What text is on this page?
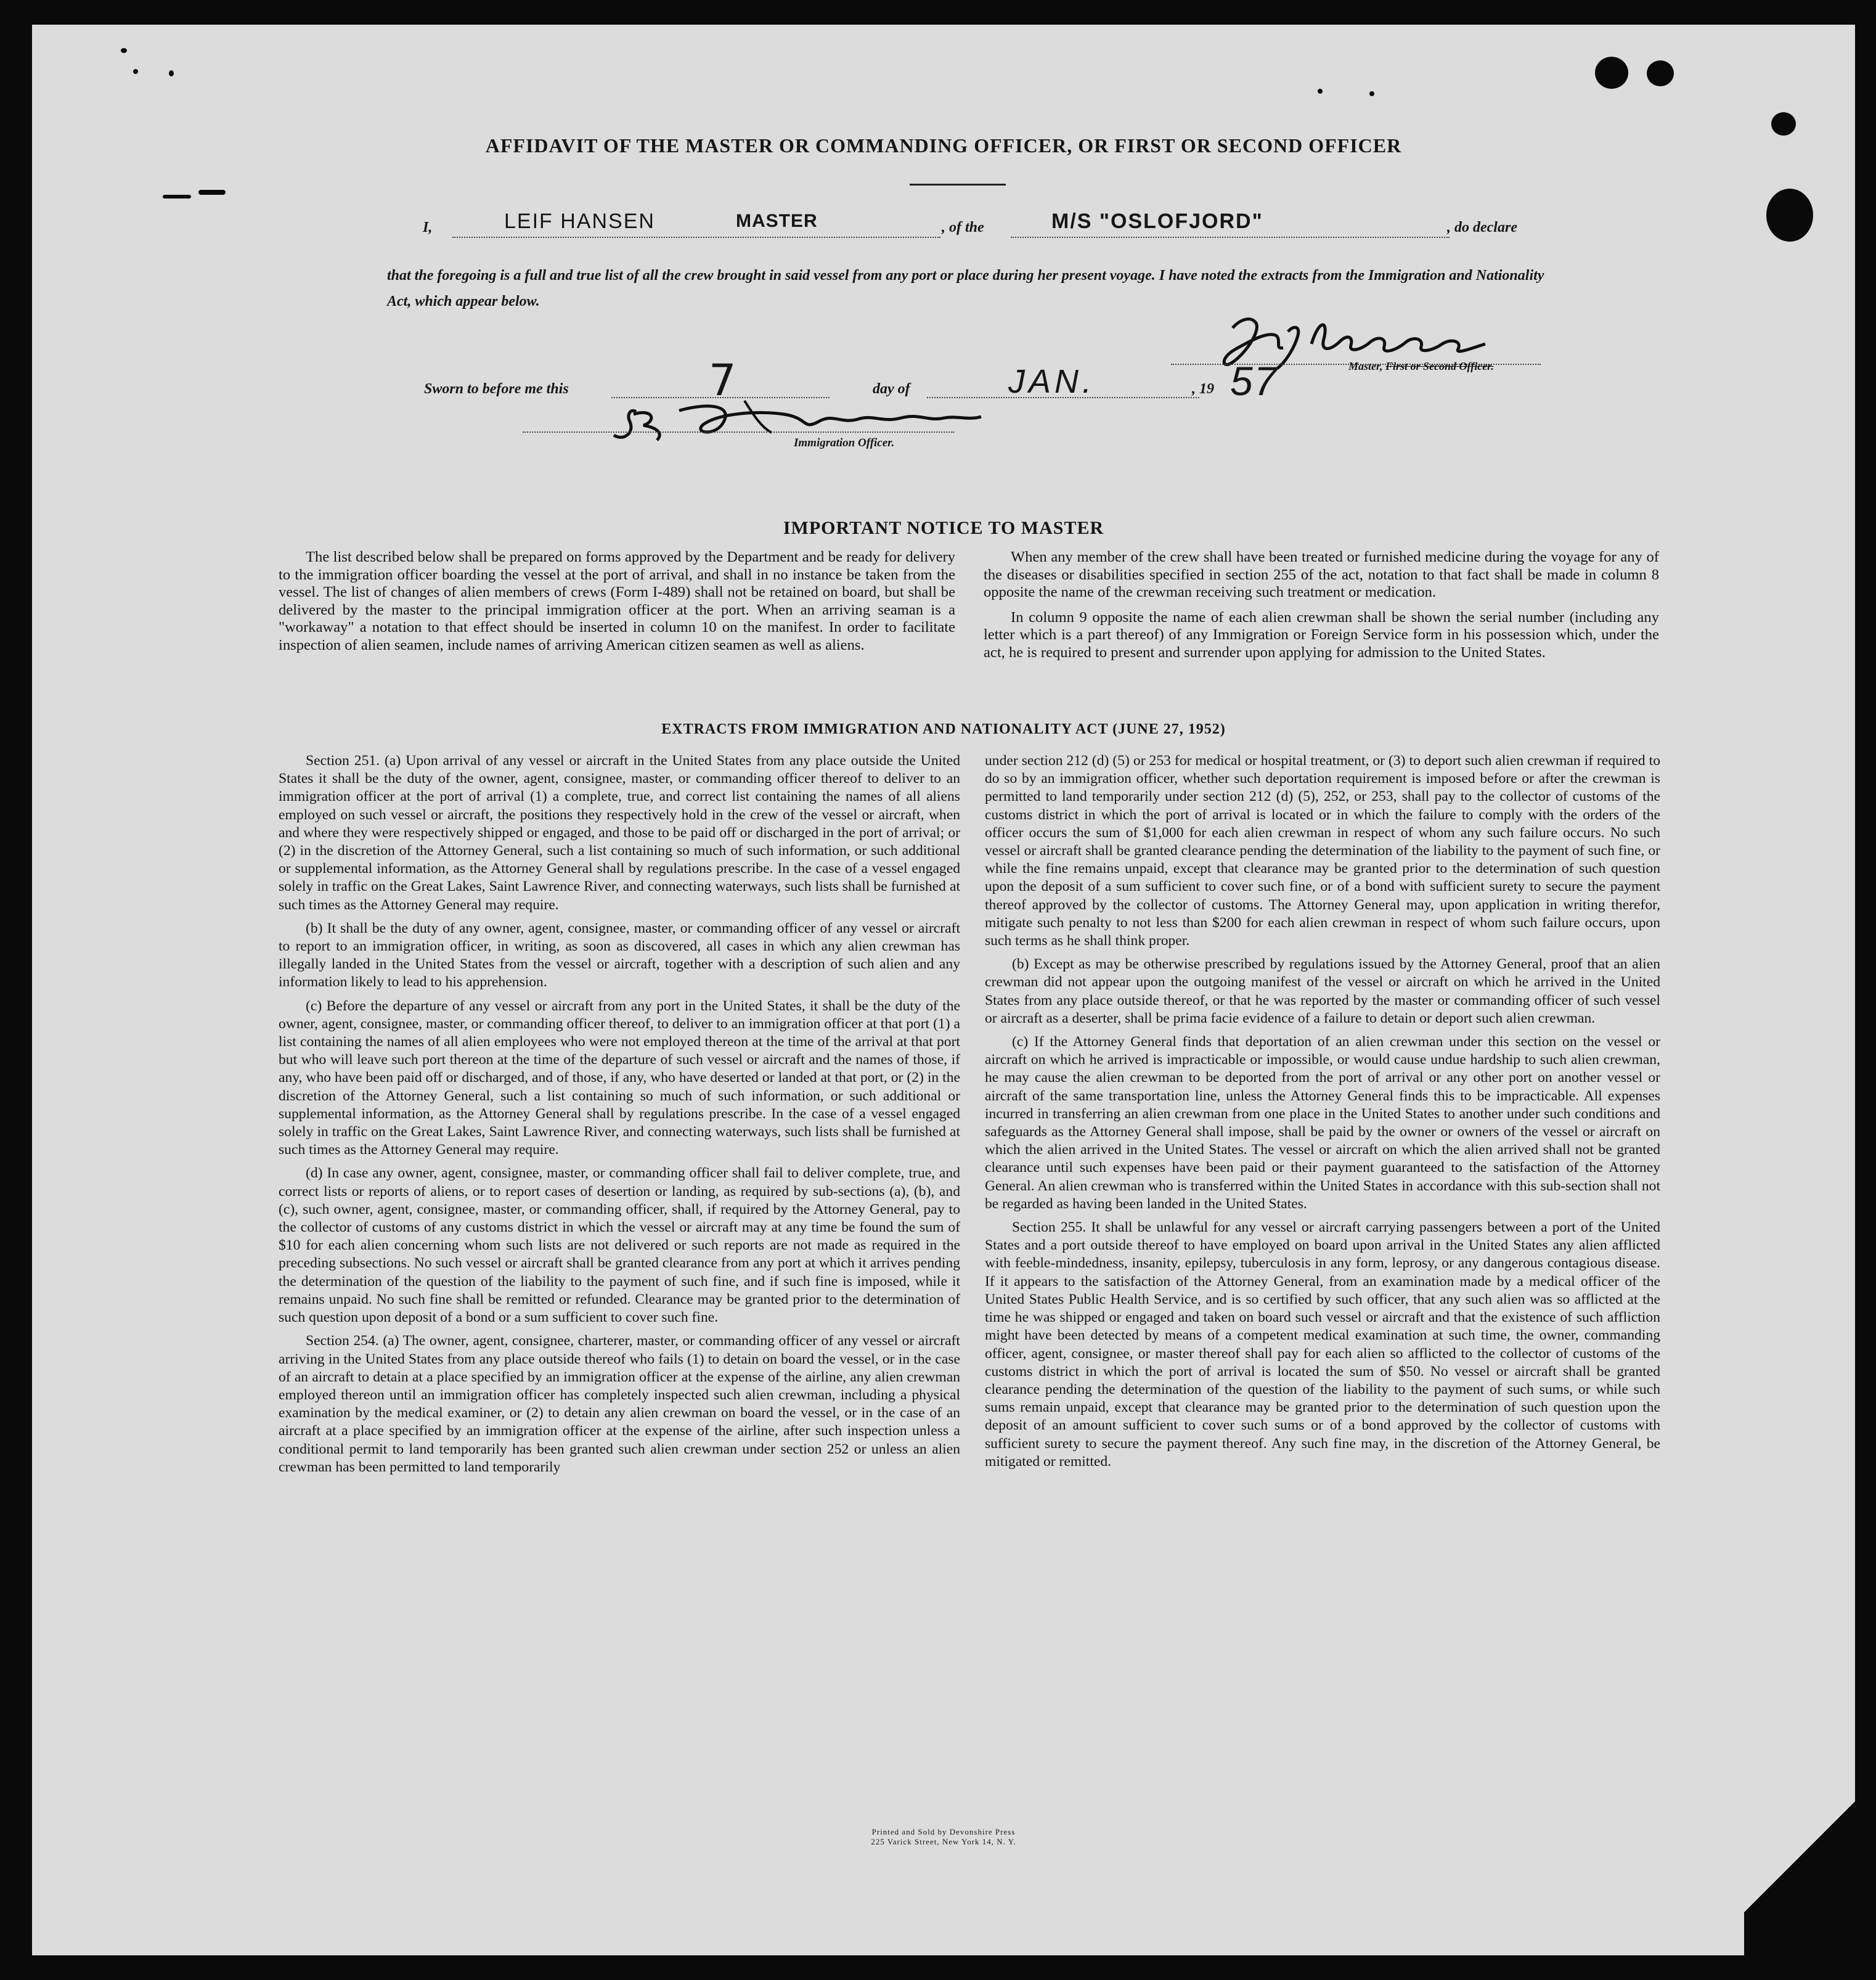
AFFIDAVIT OF THE MASTER OR COMMANDING OFFICER, OR FIRST OR SECOND OFFICER
I,	LEIF HANSEN	MASTER	, of the	M/S "OSLOFJORD"	, do declare
that the foregoing is a full and true list of all the crew brought in said vessel from any port or place during her present voyage. I have noted the extracts from the Immigration and Nationality Act, which appear below.
Master, First or Second Officer.
Sworn to before me this	7	day of	JAN.	, 19 57
Immigration Officer.
IMPORTANT NOTICE TO MASTER

The list described below shall be prepared on forms approved by the Department and be ready for delivery to the immigration officer boarding the vessel at the port of arrival, and shall in no instance be taken from the vessel. The list of changes of alien members of crews (Form I-489) shall not be retained on board, but shall be delivered by the master to the principal immigration officer at the port. When an arriving seaman is a "workaway" a notation to that effect should be inserted in column 10 on the manifest. In order to facilitate inspection of alien seamen, include names of arriving American citizen seamen as well as aliens.

When any member of the crew shall have been treated or furnished medicine during the voyage for any of the diseases or disabilities specified in section 255 of the act, notation to that fact shall be made in column 8 opposite the name of the crewman receiving such treatment or medication.

In column 9 opposite the name of each alien crewman shall be shown the serial number (including any letter which is a part thereof) of any Immigration or Foreign Service form in his possession which, under the act, he is required to present and surrender upon applying for admission to the United States.

EXTRACTS FROM IMMIGRATION AND NATIONALITY ACT (JUNE 27, 1952)

Section 251. (a) Upon arrival of any vessel or aircraft in the United States from any place outside the United States it shall be the duty of the owner, agent, consignee, master, or commanding officer thereof to deliver to an immigration officer at the port of arrival (1) a complete, true, and correct list containing the names of all aliens employed on such vessel or aircraft, the positions they respectively hold in the crew of the vessel or aircraft, when and where they were respectively shipped or engaged, and those to be paid off or discharged in the port of arrival; or (2) in the discretion of the Attorney General, such a list containing so much of such information, or such additional or supplemental information, as the Attorney General shall by regulations prescribe. In the case of a vessel engaged solely in traffic on the Great Lakes, Saint Lawrence River, and connecting waterways, such lists shall be furnished at such times as the Attorney General may require.

(b) It shall be the duty of any owner, agent, consignee, master, or commanding officer of any vessel or aircraft to report to an immigration officer, in writing, as soon as discovered, all cases in which any alien crewman has illegally landed in the United States from the vessel or aircraft, together with a description of such alien and any information likely to lead to his apprehension.

(c) Before the departure of any vessel or aircraft from any port in the United States, it shall be the duty of the owner, agent, consignee, master, or commanding officer thereof, to deliver to an immigration officer at that port (1) a list containing the names of all alien employees who were not employed thereon at the time of the arrival at that port but who will leave such port thereon at the time of the departure of such vessel or aircraft and the names of those, if any, who have been paid off or discharged, and of those, if any, who have deserted or landed at that port, or (2) in the discretion of the Attorney General, such a list containing so much of such information, or such additional or supplemental information, as the Attorney General shall by regulations prescribe. In the case of a vessel engaged solely in traffic on the Great Lakes, Saint Lawrence River, and connecting waterways, such lists shall be furnished at such times as the Attorney General may require.

(d) In case any owner, agent, consignee, master, or commanding officer shall fail to deliver complete, true, and correct lists or reports of aliens, or to report cases of desertion or landing, as required by sub-sections (a), (b), and (c), such owner, agent, consignee, master, or commanding officer, shall, if required by the Attorney General, pay to the collector of customs of any customs district in which the vessel or aircraft may at any time be found the sum of $10 for each alien concerning whom such lists are not delivered or such reports are not made as required in the preceding subsections. No such vessel or aircraft shall be granted clearance from any port at which it arrives pending the determination of the question of the liability to the payment of such fine, and if such fine is imposed, while it remains unpaid. No such fine shall be remitted or refunded. Clearance may be granted prior to the determination of such question upon deposit of a bond or a sum sufficient to cover such fine.

Section 254. (a) The owner, agent, consignee, charterer, master, or commanding officer of any vessel or aircraft arriving in the United States from any place outside thereof who fails (1) to detain on board the vessel, or in the case of an aircraft to detain at a place specified by an immigration officer at the expense of the airline, any alien crewman employed thereon until an immigration officer has completely inspected such alien crewman, including a physical examination by the medical examiner, or (2) to detain any alien crewman on board the vessel, or in the case of an aircraft at a place specified by an immigration officer at the expense of the airline, after such inspection unless a conditional permit to land temporarily has been granted such alien crewman under section 252 or unless an alien crewman has been permitted to land temporarily

under section 212 (d) (5) or 253 for medical or hospital treatment, or (3) to deport such alien crewman if required to do so by an immigration officer, whether such deportation requirement is imposed before or after the crewman is permitted to land temporarily under section 212 (d) (5), 252, or 253, shall pay to the collector of customs of the customs district in which the port of arrival is located or in which the failure to comply with the orders of the officer occurs the sum of $1,000 for each alien crewman in respect of whom any such failure occurs. No such vessel or aircraft shall be granted clearance pending the determination of the liability to the payment of such fine, or while the fine remains unpaid, except that clearance may be granted prior to the determination of such question upon the deposit of a sum sufficient to cover such fine, or of a bond with sufficient surety to secure the payment thereof approved by the collector of customs. The Attorney General may, upon application in writing therefor, mitigate such penalty to not less than $200 for each alien crewman in respect of whom such failure occurs, upon such terms as he shall think proper.

(b) Except as may be otherwise prescribed by regulations issued by the Attorney General, proof that an alien crewman did not appear upon the outgoing manifest of the vessel or aircraft on which he arrived in the United States from any place outside thereof, or that he was reported by the master or commanding officer of such vessel or aircraft as a deserter, shall be prima facie evidence of a failure to detain or deport such alien crewman.

(c) If the Attorney General finds that deportation of an alien crewman under this section on the vessel or aircraft on which he arrived is impracticable or impossible, or would cause undue hardship to such alien crewman, he may cause the alien crewman to be deported from the port of arrival or any other port on another vessel or aircraft of the same transportation line, unless the Attorney General finds this to be impracticable. All expenses incurred in transferring an alien crewman from one place in the United States to another under such conditions and safeguards as the Attorney General shall impose, shall be paid by the owner or owners of the vessel or aircraft on which the alien arrived in the United States. The vessel or aircraft on which the alien arrived shall not be granted clearance until such expenses have been paid or their payment guaranteed to the satisfaction of the Attorney General. An alien crewman who is transferred within the United States in accordance with this sub-section shall not be regarded as having been landed in the United States.

Section 255. It shall be unlawful for any vessel or aircraft carrying passengers between a port of the United States and a port outside thereof to have employed on board upon arrival in the United States any alien afflicted with feeble-mindedness, insanity, epilepsy, tuberculosis in any form, leprosy, or any dangerous contagious disease. If it appears to the satisfaction of the Attorney General, from an examination made by a medical officer of the United States Public Health Service, and is so certified by such officer, that any such alien was so afflicted at the time he was shipped or engaged and taken on board such vessel or aircraft and that the existence of such affliction might have been detected by means of a competent medical examination at such time, the owner, commanding officer, agent, consignee, or master thereof shall pay for each alien so afflicted to the collector of customs of the customs district in which the port of arrival is located the sum of $50. No vessel or aircraft shall be granted clearance pending the determination of the question of the liability to the payment of such sums, or while such sums remain unpaid, except that clearance may be granted prior to the determination of such question upon the deposit of an amount sufficient to cover such sums or of a bond approved by the collector of customs with sufficient surety to secure the payment thereof. Any such fine may, in the discretion of the Attorney General, be mitigated or remitted.

Printed and Sold by Devonshire Press
225 Varick Street, New York 14, N. Y.
